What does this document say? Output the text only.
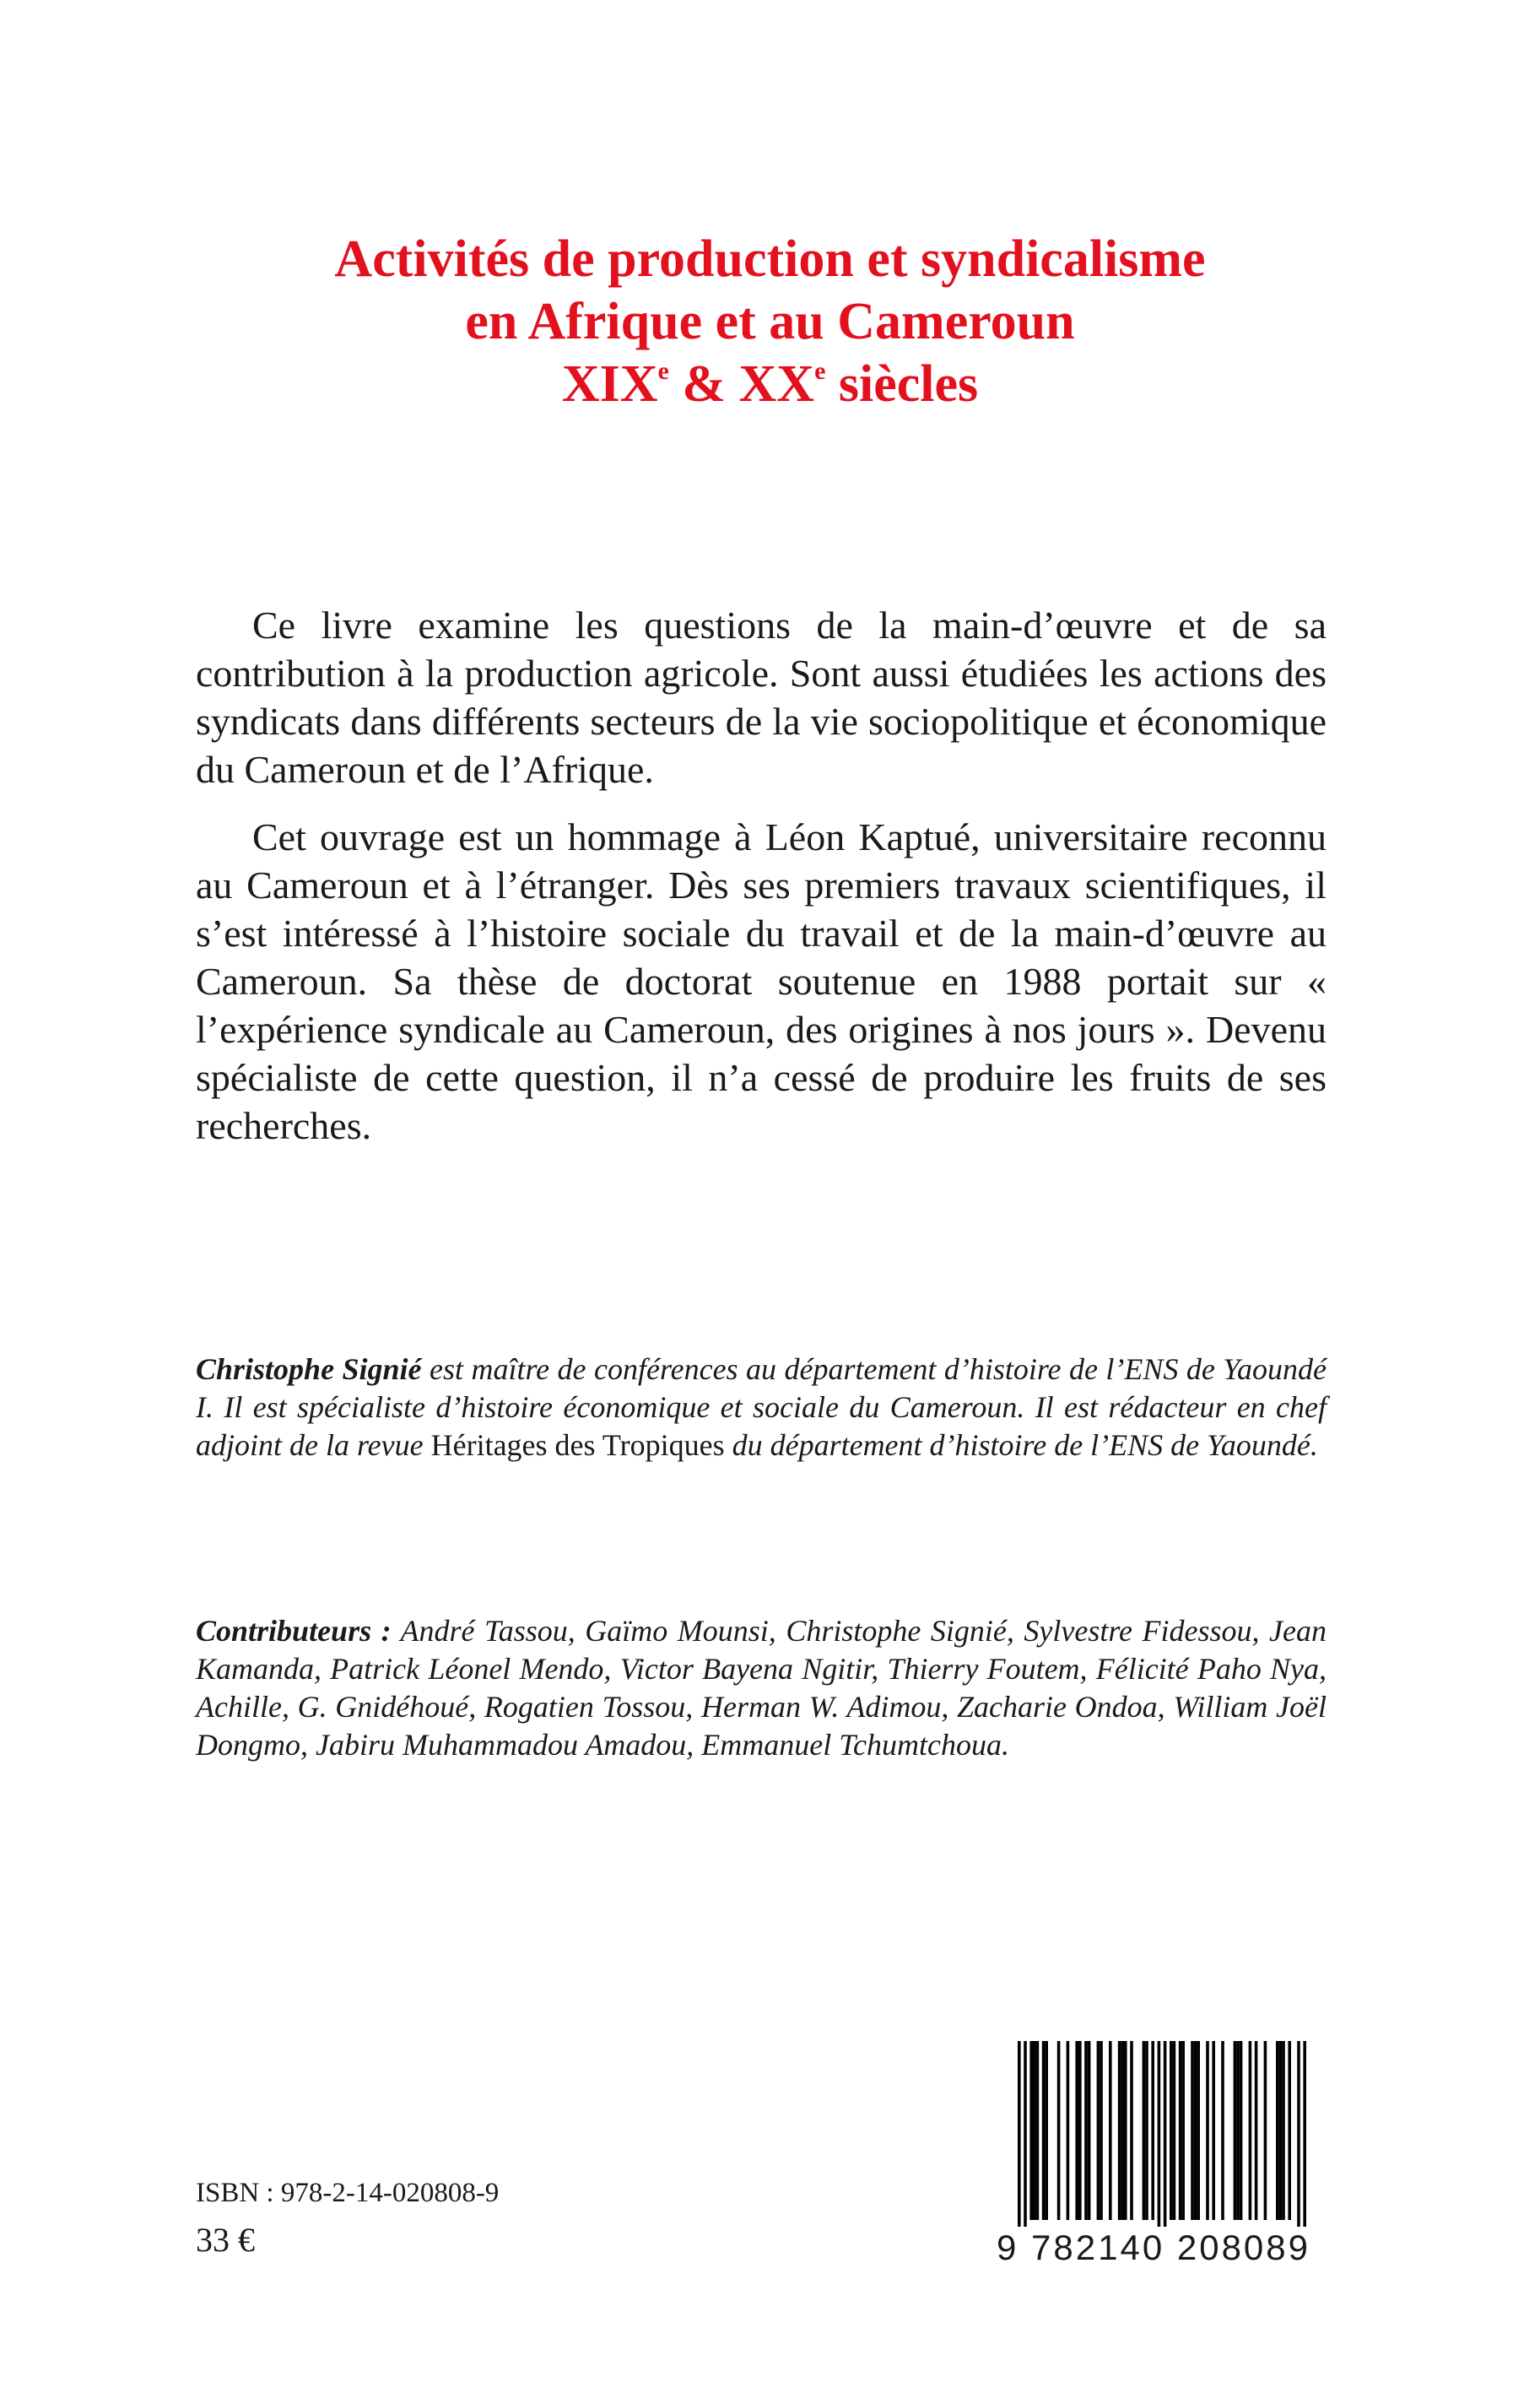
Activités de production et syndicalisme
en Afrique et au Cameroun
XIXe & XXe siècles

Ce livre examine les questions de la main-d’œuvre et de sa contribution à la production agricole. Sont aussi étudiées les actions des syndicats dans différents secteurs de la vie sociopolitique et économique du Cameroun et de l’Afrique.

Cet ouvrage est un hommage à Léon Kaptué, universitaire reconnu au Cameroun et à l’étranger. Dès ses premiers travaux scientifiques, il s’est intéressé à l’histoire sociale du travail et de la main-d’œuvre au Cameroun. Sa thèse de doctorat soutenue en 1988 portait sur « l’expérience syndicale au Cameroun, des origines à nos jours ». Devenu spécialiste de cette question, il n’a cessé de produire les fruits de ses recherches.

Christophe Signié est maître de conférences au département d’histoire de l’ENS de Yaoundé I. Il est spécialiste d’histoire économique et sociale du Cameroun. Il est rédacteur en chef adjoint de la revue Héritages des Tropiques du département d’histoire de l’ENS de Yaoundé.

Contributeurs : André Tassou, Gaïmo Mounsi, Christophe Signié, Sylvestre Fidessou, Jean Kamanda, Patrick Léonel Mendo, Victor Bayena Ngitir, Thierry Foutem, Félicité Paho Nya, Achille, G. Gnidéhoué, Rogatien Tossou, Herman W. Adimou, Zacharie Ondoa, William Joël Dongmo, Jabiru Muhammadou Amadou, Emmanuel Tchumtchoua.

ISBN : 978-2-14-020808-9
33 €	9 782140 208089
